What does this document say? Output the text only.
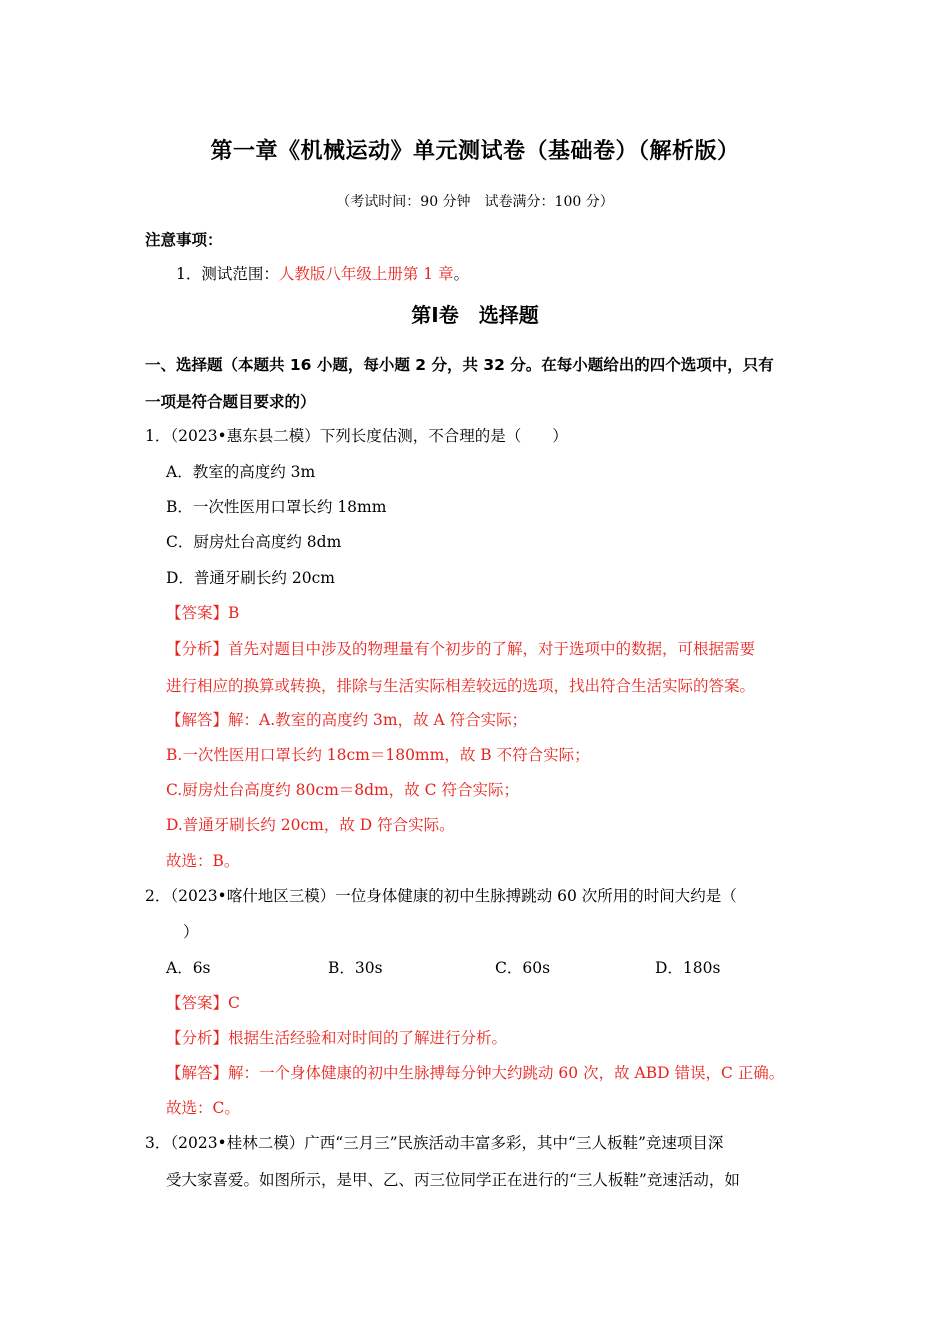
第一章《机械运动》单元测试卷（基础卷）（解析版）
（考试时间：90 分钟　试卷满分：100 分）
注意事项：
1．测试范围：人教版八年级上册第 1 章。
第Ⅰ卷　选择题
一、选择题（本题共 16 小题，每小题 2 分，共 32 分。在每小题给出的四个选项中，只有
一项是符合题目要求的）
1．（2023•惠东县二模）下列长度估测，不合理的是（　　）
A．教室的高度约 3m
B．一次性医用口罩长约 18mm
C．厨房灶台高度约 8dm
D．普通牙刷长约 20cm
【答案】B
【分析】首先对题目中涉及的物理量有个初步的了解，对于选项中的数据，可根据需要
进行相应的换算或转换，排除与生活实际相差较远的选项，找出符合生活实际的答案。
【解答】解：A.教室的高度约 3m，故 A 符合实际；
B.一次性医用口罩长约 18cm＝180mm，故 B 不符合实际；
C.厨房灶台高度约 80cm＝8dm，故 C 符合实际；
D.普通牙刷长约 20cm，故 D 符合实际。
故选：B。
2．（2023•喀什地区三模）一位身体健康的初中生脉搏跳动 60 次所用的时间大约是（
）
A．6s	B．30s	C．60s	D．180s
【答案】C
【分析】根据生活经验和对时间的了解进行分析。
【解答】解：一个身体健康的初中生脉搏每分钟大约跳动 60 次，故 ABD 错误，C 正确。
故选：C。
3．（2023•桂林二模）广西“三月三”民族活动丰富多彩，其中“三人板鞋”竞速项目深
受大家喜爱。如图所示，是甲、乙、丙三位同学正在进行的“三人板鞋”竞速活动，如
